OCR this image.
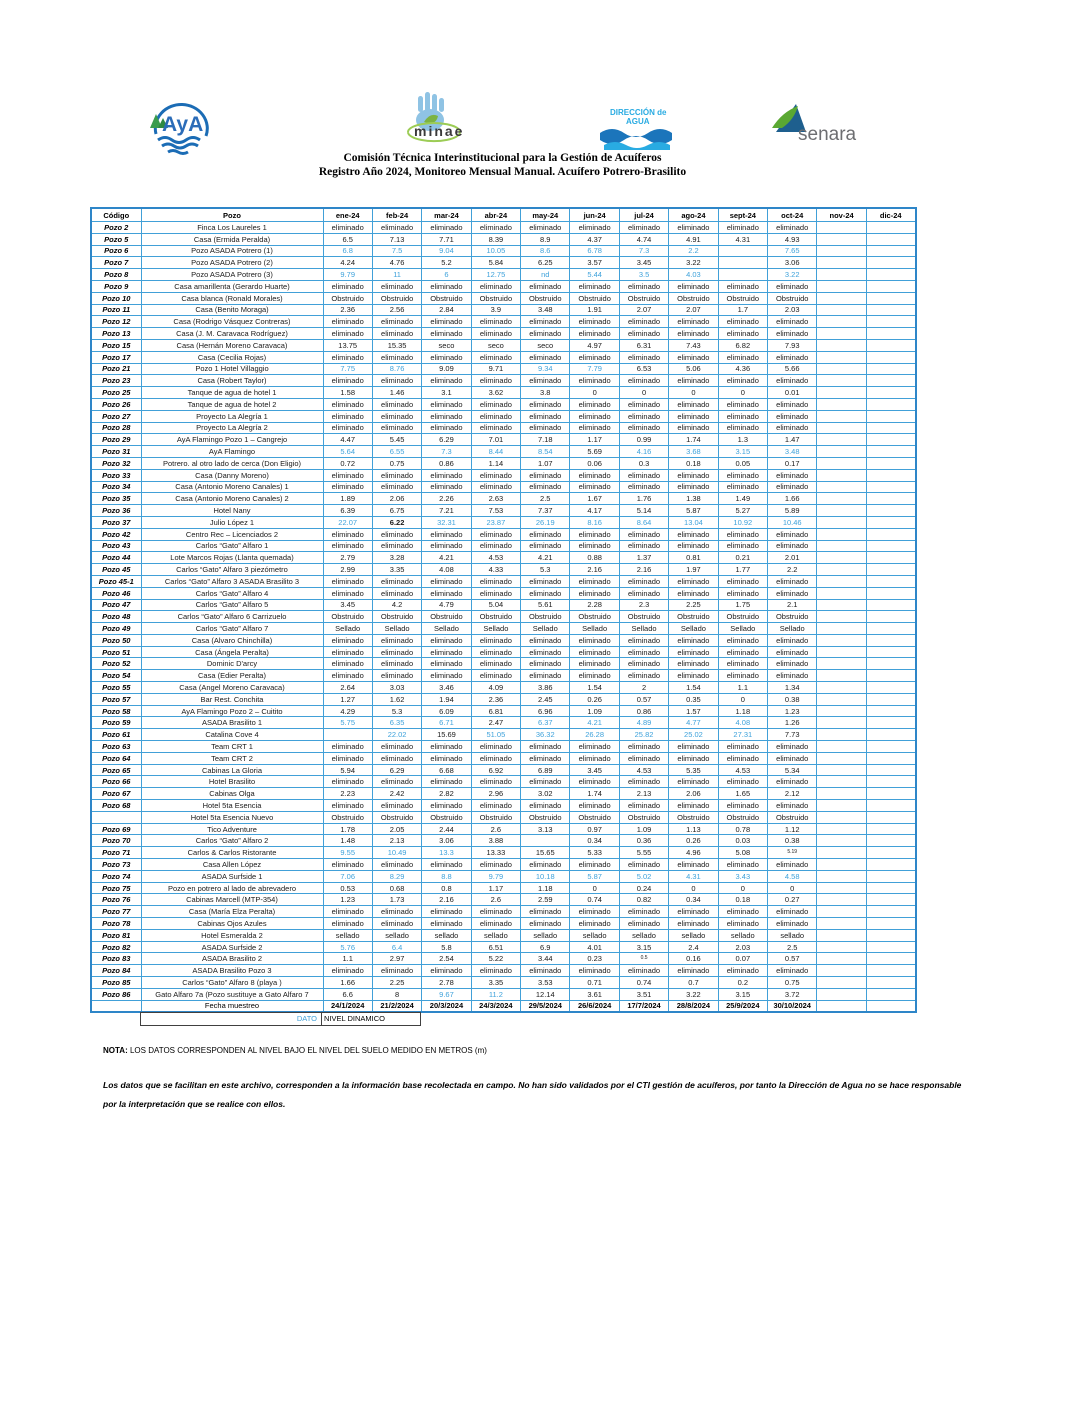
AyA	minae
DIRECCIÓN de
AGUA
senara
Comisión Técnica Interinstitucional para la Gestión de Acuíferos
Registro Año 2024, Monitoreo Mensual Manual. Acuífero Potrero-Brasilito
Código	Pozo	ene-24	feb-24	mar-24	abr-24	may-24	jun-24	jul-24	ago-24	sept-24	oct-24	nov-24	dic-24
Pozo 2	Finca Los Laureles 1	eliminado	eliminado	eliminado	eliminado	eliminado	eliminado	eliminado	eliminado	eliminado	eliminado		
Pozo 5	Casa (Ermida Peralda)	6.5	7.13	7.71	8.39	8.9	4.37	4.74	4.91	4.31	4.93		
Pozo 6	Pozo ASADA Potrero (1)	6.8	7.5	9.04	10.05	8.6	6.78	7.3	2.2		7.65		
Pozo 7	Pozo ASADA Potrero (2)	4.24	4.76	5.2	5.84	6.25	3.57	3.45	3.22		3.06		
Pozo 8	Pozo ASADA Potrero (3)	9.79	11	6	12.75	nd	5.44	3.5	4.03		3.22		
Pozo 9	Casa amarillenta (Gerardo Huarte)	eliminado	eliminado	eliminado	eliminado	eliminado	eliminado	eliminado	eliminado	eliminado	eliminado		
Pozo 10	Casa blanca (Ronald Morales)	Obstruido	Obstruido	Obstruido	Obstruido	Obstruido	Obstruido	Obstruido	Obstruido	Obstruido	Obstruido		
Pozo 11	Casa (Benito Moraga)	2.36	2.56	2.84	3.9	3.48	1.91	2.07	2.07	1.7	2.03		
Pozo 12	Casa (Rodrigo Vásquez Contreras)	eliminado	eliminado	eliminado	eliminado	eliminado	eliminado	eliminado	eliminado	eliminado	eliminado		
Pozo 13	Casa (J. M. Caravaca Rodríguez)	eliminado	eliminado	eliminado	eliminado	eliminado	eliminado	eliminado	eliminado	eliminado	eliminado		
Pozo 15	Casa (Hernán Moreno Caravaca)	13.75	15.35	seco	seco	seco	4.97	6.31	7.43	6.82	7.93		
Pozo 17	Casa (Cecilia Rojas)	eliminado	eliminado	eliminado	eliminado	eliminado	eliminado	eliminado	eliminado	eliminado	eliminado		
Pozo 21	Pozo 1 Hotel Villaggio	7.75	8.76	9.09	9.71	9.34	7.79	6.53	5.06	4.36	5.66		
Pozo 23	Casa (Robert Taylor)	eliminado	eliminado	eliminado	eliminado	eliminado	eliminado	eliminado	eliminado	eliminado	eliminado		
Pozo 25	Tanque de agua de hotel 1	1.58	1.46	3.1	3.62	3.8	0	0	0	0	0.01		
Pozo 26	Tanque de agua de hotel 2	eliminado	eliminado	eliminado	eliminado	eliminado	eliminado	eliminado	eliminado	eliminado	eliminado		
Pozo 27	Proyecto La Alegría 1	eliminado	eliminado	eliminado	eliminado	eliminado	eliminado	eliminado	eliminado	eliminado	eliminado		
Pozo 28	Proyecto La Alegría 2	eliminado	eliminado	eliminado	eliminado	eliminado	eliminado	eliminado	eliminado	eliminado	eliminado		
Pozo 29	AyA Flamingo Pozo 1 – Cangrejo	4.47	5.45	6.29	7.01	7.18	1.17	0.99	1.74	1.3	1.47		
Pozo 31	AyA Flamingo	5.64	6.55	7.3	8.44	8.54	5.69	4.16	3.68	3.15	3.48		
Pozo 32	Potrero. al otro lado de cerca (Don Eligio)	0.72	0.75	0.86	1.14	1.07	0.06	0.3	0.18	0.05	0.17		
Pozo 33	Casa (Danny Moreno)	eliminado	eliminado	eliminado	eliminado	eliminado	eliminado	eliminado	eliminado	eliminado	eliminado		
Pozo 34	Casa (Antonio Moreno Canales) 1	eliminado	eliminado	eliminado	eliminado	eliminado	eliminado	eliminado	eliminado	eliminado	eliminado		
Pozo 35	Casa (Antonio Moreno Canales) 2	1.89	2.06	2.26	2.63	2.5	1.67	1.76	1.38	1.49	1.66		
Pozo 36	Hotel Nany	6.39	6.75	7.21	7.53	7.37	4.17	5.14	5.87	5.27	5.89		
Pozo 37	Julio López 1	22.07	6.22	32.31	23.87	26.19	8.16	8.64	13.04	10.92	10.46		
Pozo 42	Centro Rec – Licenciados 2	eliminado	eliminado	eliminado	eliminado	eliminado	eliminado	eliminado	eliminado	eliminado	eliminado		
Pozo 43	Carlos “Gato” Alfaro 1	eliminado	eliminado	eliminado	eliminado	eliminado	eliminado	eliminado	eliminado	eliminado	eliminado		
Pozo 44	Lote Marcos Rojas (Llanta quemada)	2.79	3.28	4.21	4.53	4.21	0.88	1.37	0.81	0.21	2.01		
Pozo 45	Carlos “Gato” Alfaro 3 piezómetro	2.99	3.35	4.08	4.33	5.3	2.16	2.16	1.97	1.77	2.2		
Pozo 45-1	Carlos “Gato” Alfaro 3 ASADA Brasilito 3	eliminado	eliminado	eliminado	eliminado	eliminado	eliminado	eliminado	eliminado	eliminado	eliminado		
Pozo 46	Carlos “Gato” Alfaro 4	eliminado	eliminado	eliminado	eliminado	eliminado	eliminado	eliminado	eliminado	eliminado	eliminado		
Pozo 47	Carlos “Gato” Alfaro 5	3.45	4.2	4.79	5.04	5.61	2.28	2.3	2.25	1.75	2.1		
Pozo 48	Carlos “Gato” Alfaro 6 Carrizuelo	Obstruido	Obstruido	Obstruido	Obstruido	Obstruido	Obstruido	Obstruido	Obstruido	Obstruido	Obstruido		
Pozo 49	Carlos “Gato” Alfaro 7	Sellado	Sellado	Sellado	Sellado	Sellado	Sellado	Sellado	Sellado	Sellado	Sellado		
Pozo 50	Casa (Alvaro Chinchilla)	eliminado	eliminado	eliminado	eliminado	eliminado	eliminado	eliminado	eliminado	eliminado	eliminado		
Pozo 51	Casa (Ángela Peralta)	eliminado	eliminado	eliminado	eliminado	eliminado	eliminado	eliminado	eliminado	eliminado	eliminado		
Pozo 52	Dominic D'arcy	eliminado	eliminado	eliminado	eliminado	eliminado	eliminado	eliminado	eliminado	eliminado	eliminado		
Pozo 54	Casa (Edier Peralta)	eliminado	eliminado	eliminado	eliminado	eliminado	eliminado	eliminado	eliminado	eliminado	eliminado		
Pozo 55	Casa (Angel Moreno Caravaca)	2.64	3.03	3.46	4.09	3.86	1.54	2	1.54	1.1	1.34		
Pozo 57	Bar Rest. Conchita	1.27	1.62	1.94	2.36	2.45	0.26	0.57	0.35	0	0.38		
Pozo 58	AyA Flamingo Pozo 2 – Cuitito	4.29	5.3	6.09	6.81	6.96	1.09	0.86	1.57	1.18	1.23		
Pozo 59	ASADA Brasilito 1	5.75	6.35	6.71	2.47	6.37	4.21	4.89	4.77	4.08	1.26		
Pozo 61	Catalina Cove 4		22.02	15.69	51.05	36.32	26.28	25.82	25.02	27.31	7.73		
Pozo 63	Team CRT 1	eliminado	eliminado	eliminado	eliminado	eliminado	eliminado	eliminado	eliminado	eliminado	eliminado		
Pozo 64	Team CRT 2	eliminado	eliminado	eliminado	eliminado	eliminado	eliminado	eliminado	eliminado	eliminado	eliminado		
Pozo 65	Cabinas La Gloria	5.94	6.29	6.68	6.92	6.89	3.45	4.53	5.35	4.53	5.34		
Pozo 66	Hotel Brasilito	eliminado	eliminado	eliminado	eliminado	eliminado	eliminado	eliminado	eliminado	eliminado	eliminado		
Pozo 67	Cabinas Olga	2.23	2.42	2.82	2.96	3.02	1.74	2.13	2.06	1.65	2.12		
Pozo 68	Hotel 5ta Esencia	eliminado	eliminado	eliminado	eliminado	eliminado	eliminado	eliminado	eliminado	eliminado	eliminado		
	Hotel 5ta Esencia Nuevo	Obstruido	Obstruido	Obstruido	Obstruido	Obstruido	Obstruido	Obstruido	Obstruido	Obstruido	Obstruido		
Pozo 69	Tico Adventure	1.78	2.05	2.44	2.6	3.13	0.97	1.09	1.13	0.78	1.12		
Pozo 70	Carlos “Gato” Alfaro 2	1.48	2.13	3.06	3.88		0.34	0.36	0.26	0.03	0.38		
Pozo 71	Carlos & Carlos Ristorante	9.55	10.49	13.3	13.33	15.65	5.33	5.55	4.96	5.08	5.19		
Pozo 73	Casa Allen López	eliminado	eliminado	eliminado	eliminado	eliminado	eliminado	eliminado	eliminado	eliminado	eliminado		
Pozo 74	ASADA Surfside 1	7.06	8.29	8.8	9.79	10.18	5.87	5.02	4.31	3.43	4.58		
Pozo 75	Pozo en potrero al lado de abrevadero	0.53	0.68	0.8	1.17	1.18	0	0.24	0	0	0		
Pozo 76	Cabinas Marcell (MTP-354)	1.23	1.73	2.16	2.6	2.59	0.74	0.82	0.34	0.18	0.27		
Pozo 77	Casa (María Elza Peralta)	eliminado	eliminado	eliminado	eliminado	eliminado	eliminado	eliminado	eliminado	eliminado	eliminado		
Pozo 78	Cabinas Ojos Azules	eliminado	eliminado	eliminado	eliminado	eliminado	eliminado	eliminado	eliminado	eliminado	eliminado		
Pozo 81	Hotel Esmeralda 2	sellado	sellado	sellado	sellado	sellado	sellado	sellado	sellado	sellado	sellado		
Pozo 82	ASADA Surfside 2	5.76	6.4	5.8	6.51	6.9	4.01	3.15	2.4	2.03	2.5		
Pozo 83	ASADA Brasilito 2	1.1	2.97	2.54	5.22	3.44	0.23	0.5	0.16	0.07	0.57		
Pozo 84	ASADA Brasilito Pozo 3	eliminado	eliminado	eliminado	eliminado	eliminado	eliminado	eliminado	eliminado	eliminado	eliminado		
Pozo 85	Carlos “Gato” Alfaro 8 (playa )	1.66	2.25	2.78	3.35	3.53	0.71	0.74	0.7	0.2	0.75		
Pozo 86	Gato Alfaro 7a (Pozo sustituye a Gato Alfaro 7	6.6	8	9.67	11.2	12.14	3.61	3.51	3.22	3.15	3.72		
	Fecha muestreo	24/1/2024	21/2/2024	20/3/2024	24/3/2024	29/5/2024	26/6/2024	17/7/2024	28/8/2024	25/9/2024	30/10/2024		
DATO NIVEL DINAMICO
NOTA: LOS DATOS CORRESPONDEN AL NIVEL BAJO EL NIVEL DEL SUELO MEDIDO EN METROS (m)
Los datos que se facilitan en este archivo, corresponden a la información base recolectada en campo. No han sido validados por el CTI gestión de acuíferos, por tanto la Dirección de Agua no se hace responsable
por la interpretación que se realice con ellos.
